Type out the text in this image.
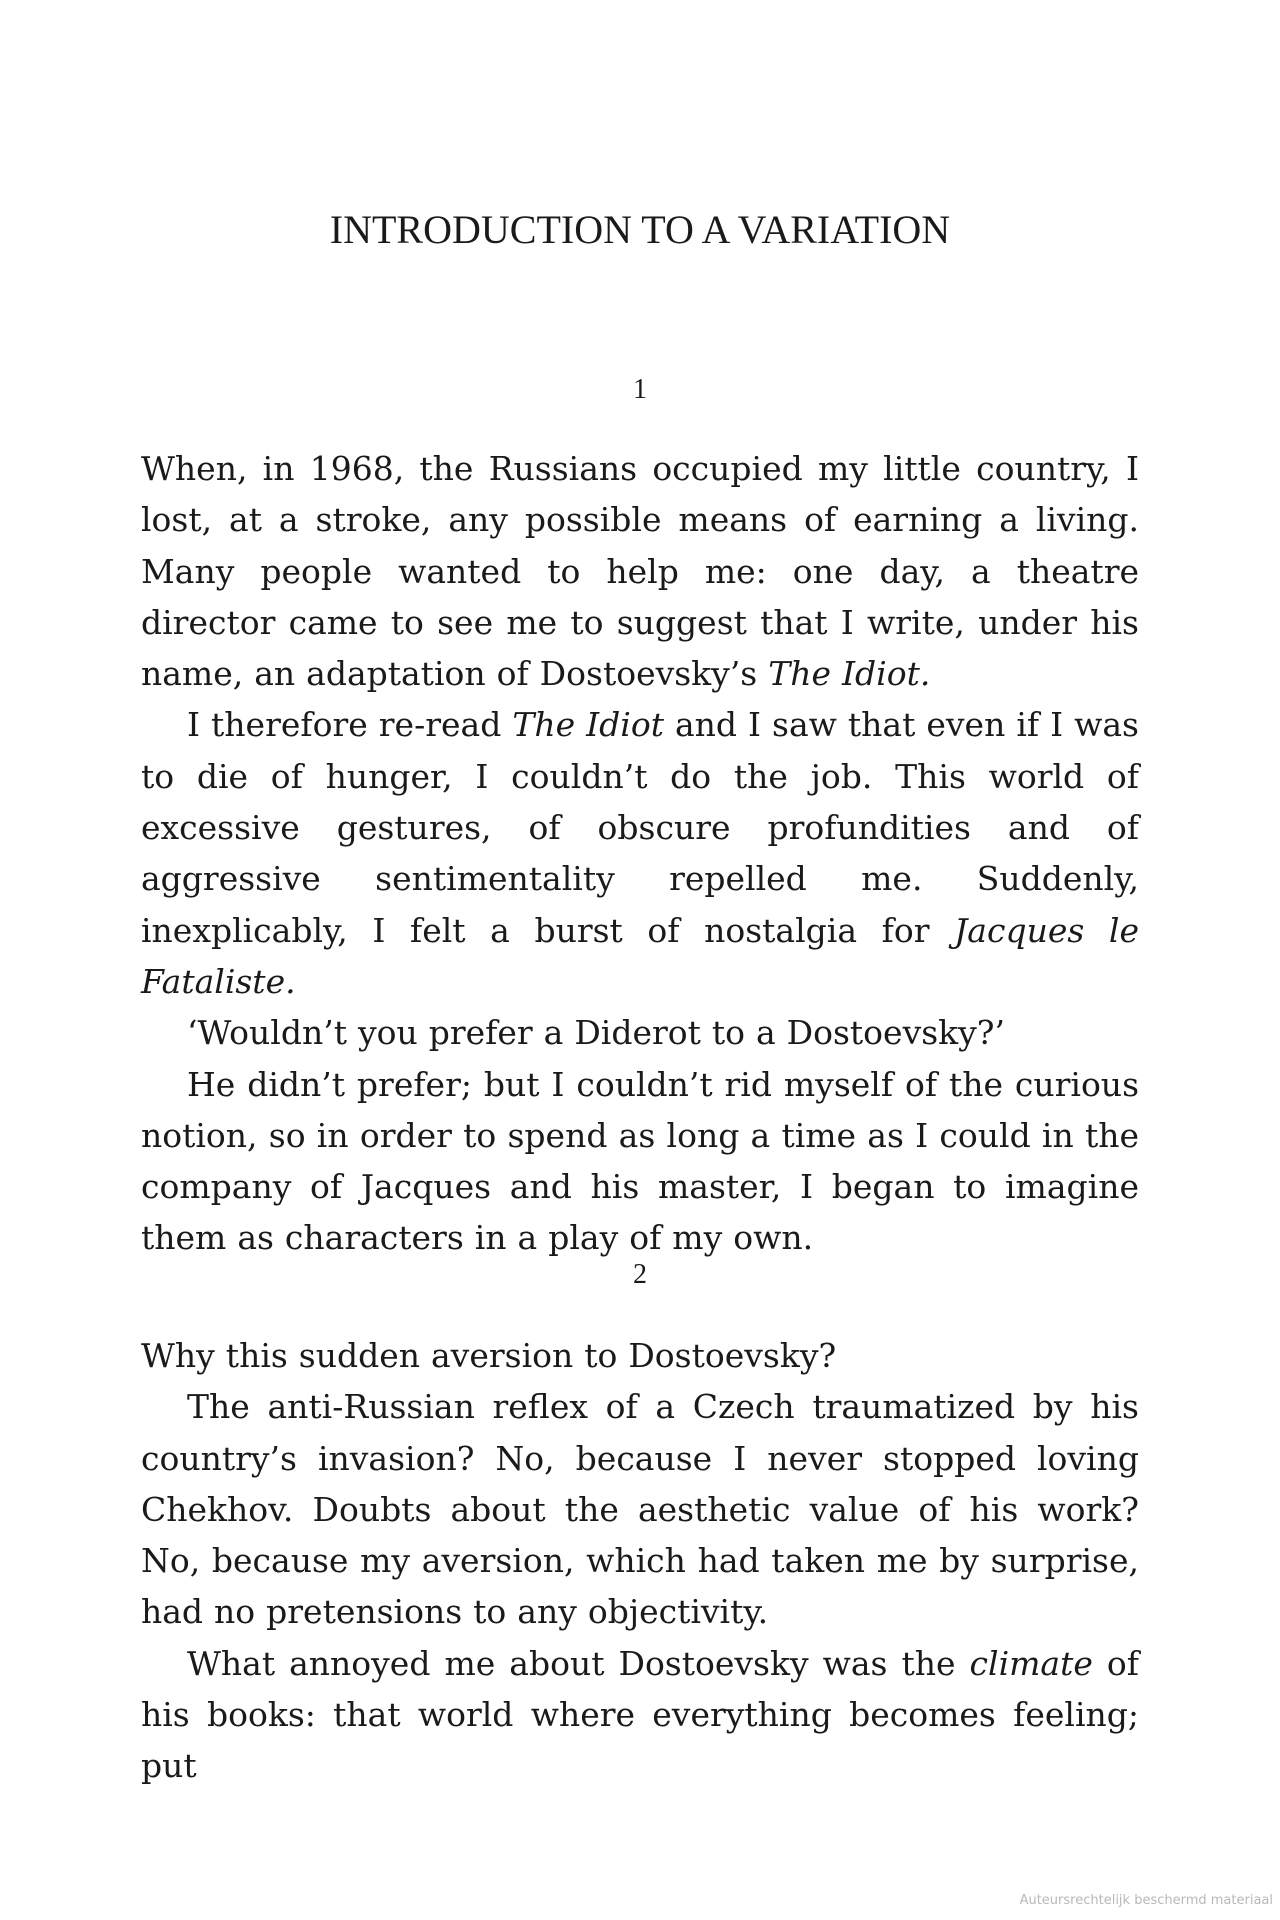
INTRODUCTION TO A VARIATION
1

When, in 1968, the Russians occupied my little country, I lost, at a stroke, any possible means of earning a living. Many people wanted to help me: one day, a theatre director came to see me to suggest that I write, under his name, an adaptation of Dostoevsky’s The Idiot.

I therefore re-read The Idiot and I saw that even if I was to die of hunger, I couldn’t do the job. This world of excessive gestures, of obscure profundities and of aggressive sentimentality repelled me. Suddenly, inexplicably, I felt a burst of nostalgia for Jacques le Fataliste.

‘Wouldn’t you prefer a Diderot to a Dostoevsky?’

He didn’t prefer; but I couldn’t rid myself of the curious notion, so in order to spend as long a time as I could in the company of Jacques and his master, I began to imagine them as characters in a play of my own.

2

Why this sudden aversion to Dostoevsky?

The anti-Russian reflex of a Czech traumatized by his country’s invasion? No, because I never stopped loving Chekhov. Doubts about the aesthetic value of his work? No, because my aversion, which had taken me by surprise, had no pretensions to any objectivity.

What annoyed me about Dostoevsky was the climate of his books: that world where everything becomes feeling; put

Auteursrechtelijk beschermd materiaal
